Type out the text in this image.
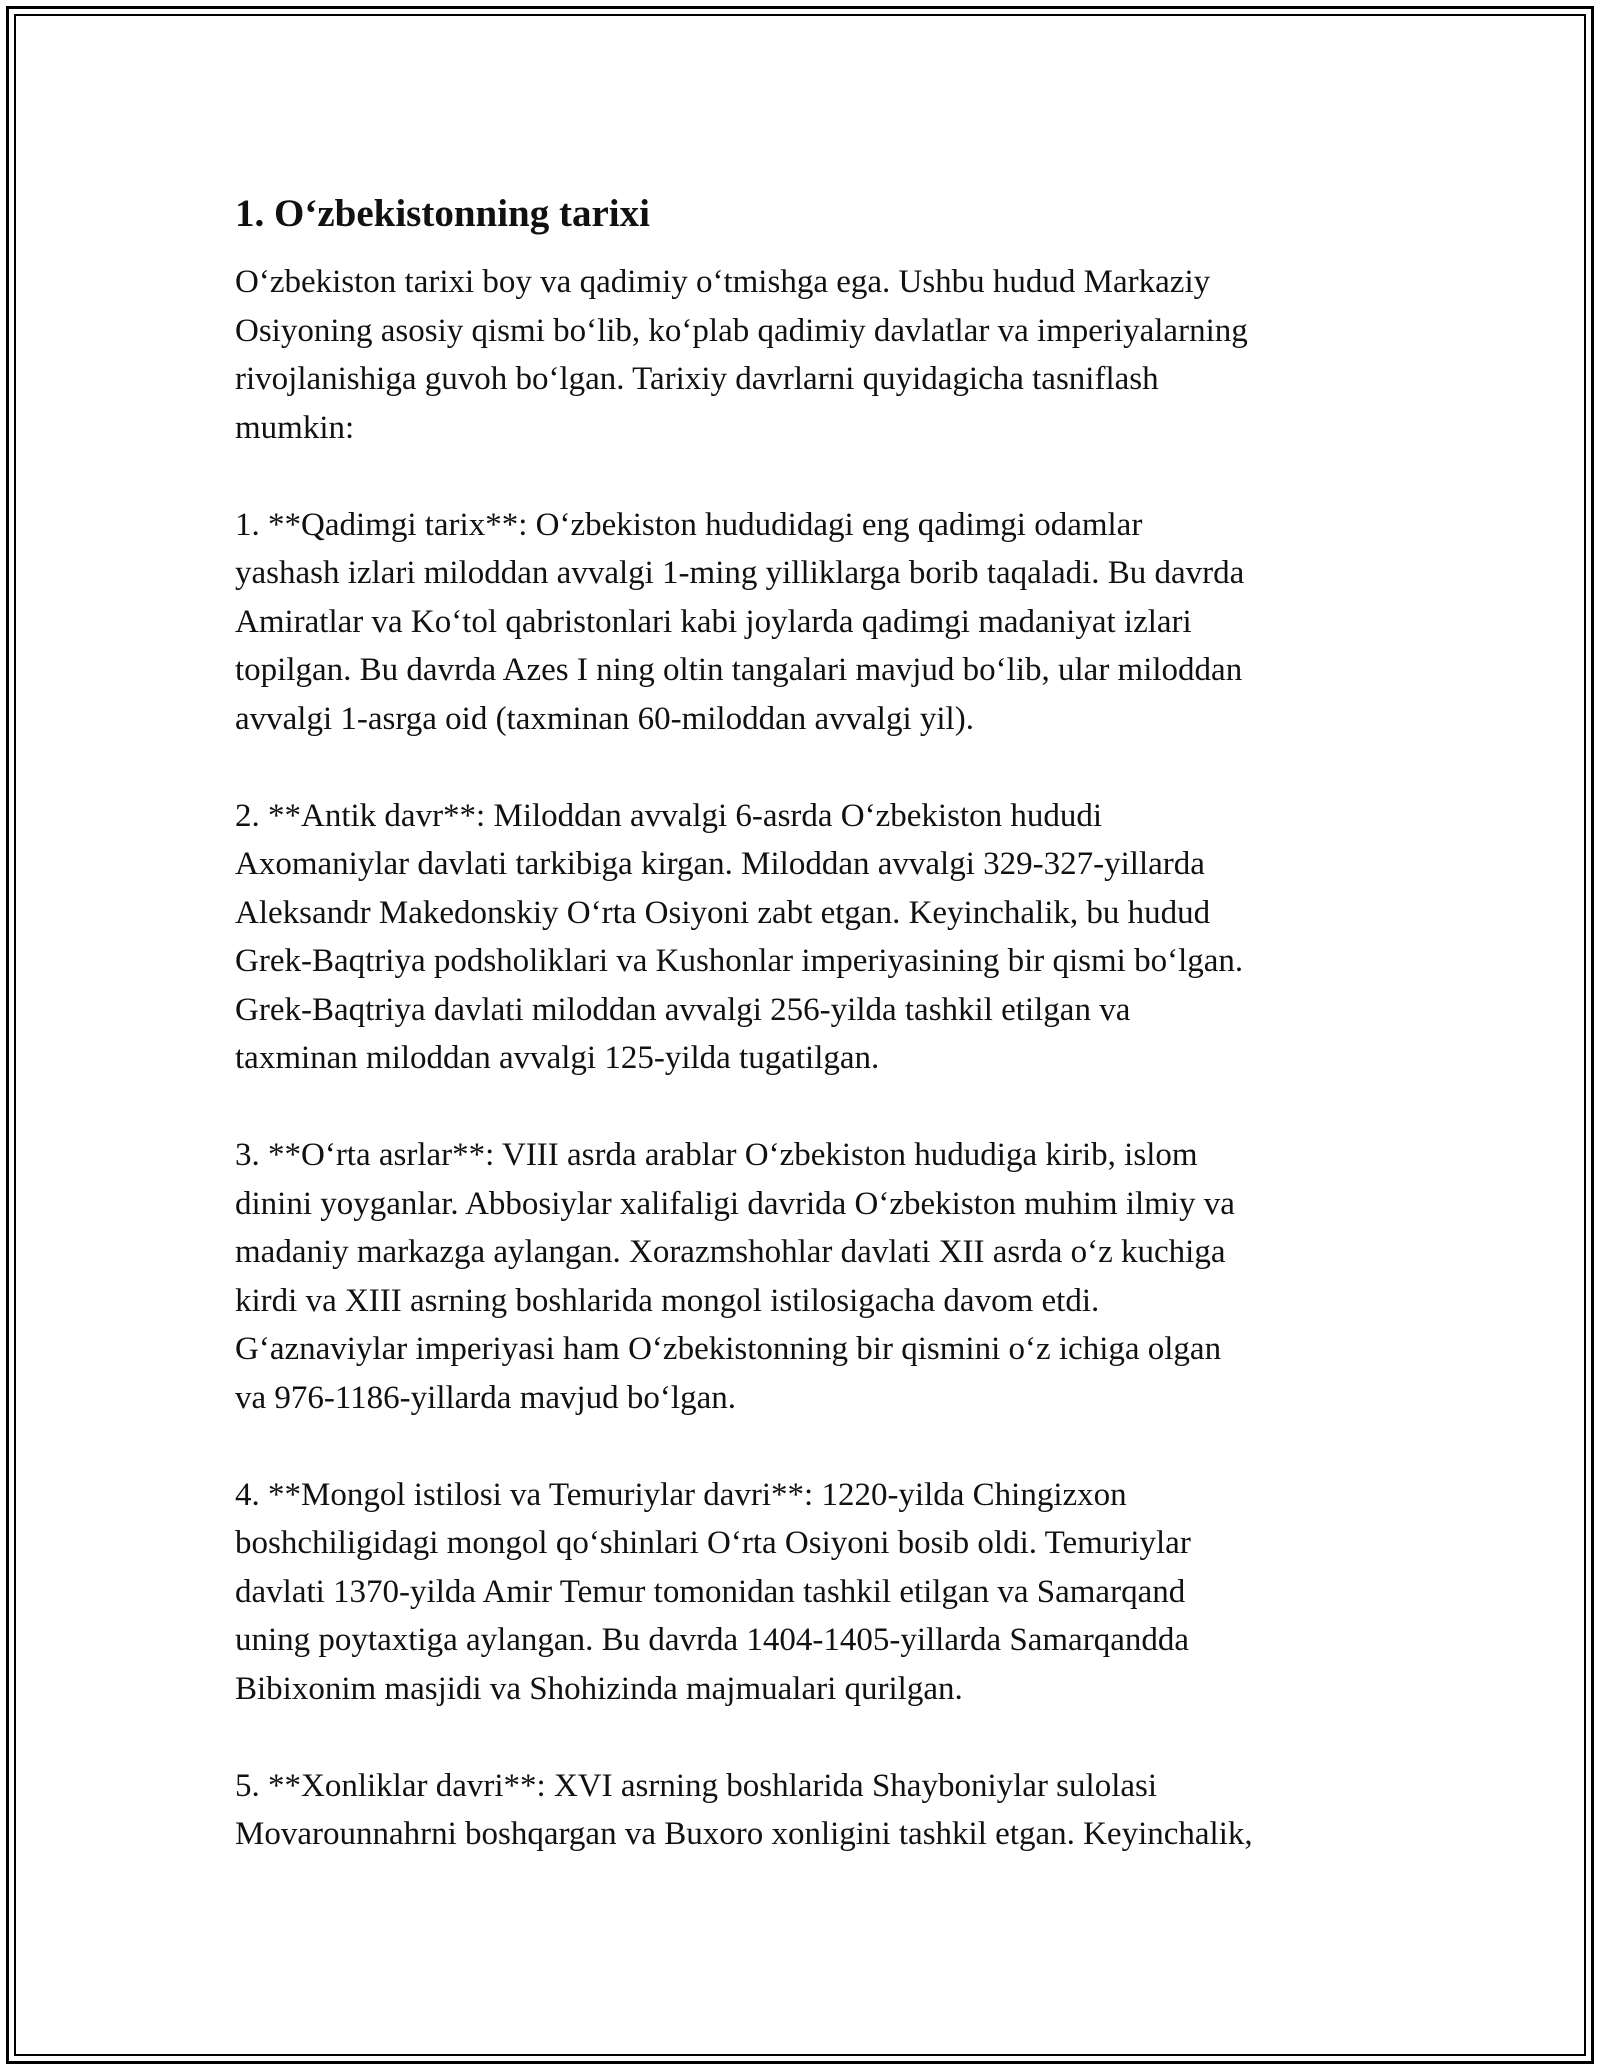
1. O‘zbekistonning tarixi

O‘zbekiston tarixi boy va qadimiy o‘tmishga ega. Ushbu hudud Markaziy
Osiyoning asosiy qismi bo‘lib, ko‘plab qadimiy davlatlar va imperiyalarning
rivojlanishiga guvoh bo‘lgan. Tarixiy davrlarni quyidagicha tasniflash
mumkin:

1. **Qadimgi tarix**: O‘zbekiston hududidagi eng qadimgi odamlar
yashash izlari miloddan avvalgi 1-ming yilliklarga borib taqaladi. Bu davrda
Amiratlar va Ko‘tol qabristonlari kabi joylarda qadimgi madaniyat izlari
topilgan. Bu davrda Azes I ning oltin tangalari mavjud bo‘lib, ular miloddan
avvalgi 1-asrga oid (taxminan 60-miloddan avvalgi yil).

2. **Antik davr**: Miloddan avvalgi 6-asrda O‘zbekiston hududi
Axomaniylar davlati tarkibiga kirgan. Miloddan avvalgi 329-327-yillarda
Aleksandr Makedonskiy O‘rta Osiyoni zabt etgan. Keyinchalik, bu hudud
Grek-Baqtriya podsholiklari va Kushonlar imperiyasining bir qismi bo‘lgan.
Grek-Baqtriya davlati miloddan avvalgi 256-yilda tashkil etilgan va
taxminan miloddan avvalgi 125-yilda tugatilgan.

3. **O‘rta asrlar**: VIII asrda arablar O‘zbekiston hududiga kirib, islom
dinini yoyganlar. Abbosiylar xalifaligi davrida O‘zbekiston muhim ilmiy va
madaniy markazga aylangan. Xorazmshohlar davlati XII asrda o‘z kuchiga
kirdi va XIII asrning boshlarida mongol istilosigacha davom etdi.
G‘aznaviylar imperiyasi ham O‘zbekistonning bir qismini o‘z ichiga olgan
va 976-1186-yillarda mavjud bo‘lgan.

4. **Mongol istilosi va Temuriylar davri**: 1220-yilda Chingizxon
boshchiligidagi mongol qo‘shinlari O‘rta Osiyoni bosib oldi. Temuriylar
davlati 1370-yilda Amir Temur tomonidan tashkil etilgan va Samarqand
uning poytaxtiga aylangan. Bu davrda 1404-1405-yillarda Samarqandda
Bibixonim masjidi va Shohizinda majmualari qurilgan.

5. **Xonliklar davri**: XVI asrning boshlarida Shayboniylar sulolasi
Movarounnahrni boshqargan va Buxoro xonligini tashkil etgan. Keyinchalik,
